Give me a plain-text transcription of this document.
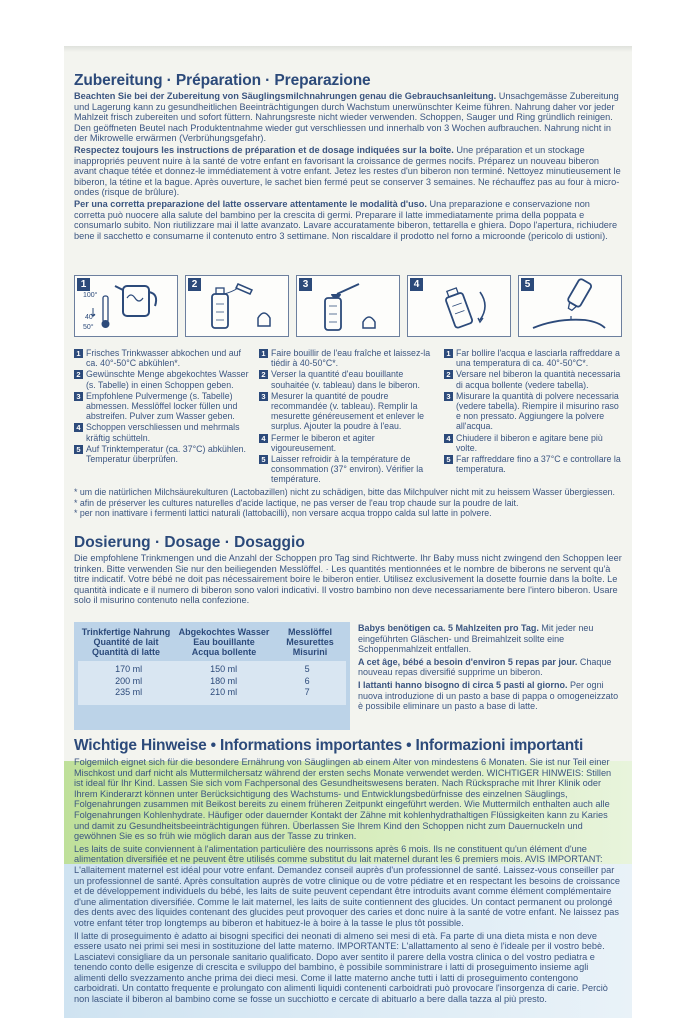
Zubereitung · Préparation · Preparazione

Beachten Sie bei der Zubereitung von Säuglingsmilchnahrungen genau die Gebrauchsanleitung. Unsachgemässe Zubereitung und Lagerung kann zu gesundheitlichen Beeinträchtigungen durch Wachstum unerwünschter Keime führen. Nahrung daher vor jeder Mahlzeit frisch zubereiten und sofort füttern. Nahrungsreste nicht wieder verwenden. Schoppen, Sauger und Ring gründlich reinigen. Den geöffneten Beutel nach Produktentnahme wieder gut verschliessen und innerhalb von 3 Wochen aufbrauchen. Nahrung nicht in der Mikrowelle erwärmen (Verbrühungsgefahr).

Respectez toujours les instructions de préparation et de dosage indiquées sur la boîte. Une préparation et un stockage inappropriés peuvent nuire à la santé de votre enfant en favorisant la croissance de germes nocifs. Préparez un nouveau biberon avant chaque tétée et donnez-le immédiatement à votre enfant. Jetez les restes d'un biberon non terminé. Nettoyez minutieusement le biberon, la tétine et la bague. Après ouverture, le sachet bien fermé peut se conserver 3 semaines. Ne réchauffez pas au four à micro-ondes (risque de brûlure).

Per una corretta preparazione del latte osservare attentamente le modalità d'uso. Una preparazione e conservazione non corretta può nuocere alla salute del bambino per la crescita di germi. Preparare il latte immediatamente prima della poppata e consumarlo subito. Non riutilizzare mai il latte avanzato. Lavare accuratamente biberon, tettarella e ghiera. Dopo l'apertura, richiudere bene il sacchetto e consumarne il contenuto entro 3 settimane. Non riscaldare il prodotto nel forno a microonde (pericolo di ustioni).

1
100°
40°
50°
2	3	4	5
1 Frisches Trinkwasser abkochen und auf ca. 40°-50°C abkühlen*.
2 Gewünschte Menge abgekochtes Wasser (s. Tabelle) in einen Schoppen geben.
3 Empfohlene Pulvermenge (s. Tabelle) abmessen. Messlöffel locker füllen und abstreifen. Pulver zum Wasser geben.
4 Schoppen verschliessen und mehrmals kräftig schütteln.
5 Auf Trinktemperatur (ca. 37°C) abkühlen. Temperatur überprüfen.
1 Faire bouillir de l'eau fraîche et laissez-la tiédir à 40-50°C*.
2 Verser la quantité d'eau bouillante souhaitée (v. tableau) dans le biberon.
3 Mesurer la quantité de poudre recommandée (v. tableau). Remplir la mesurette généreusement et enlever le surplus. Ajouter la poudre à l'eau.
4 Fermer le biberon et agiter vigoureusement.
5 Laisser refroidir à la température de consommation (37° environ). Vérifier la température.
1 Far bollire l'acqua e lasciarla raffreddare a una temperatura di ca. 40°-50°C*.
2 Versare nel biberon la quantità necessaria di acqua bollente (vedere tabella).
3 Misurare la quantità di polvere necessaria (vedere tabella). Riempire il misurino raso e non pressato. Aggiungere la polvere all'acqua.
4 Chiudere il biberon e agitare bene più volte.
5 Far raffreddare fino a 37°C e controllare la temperatura.

* um die natürlichen Milchsäurekulturen (Lactobazillen) nicht zu schädigen, bitte das Milchpulver nicht mit zu heissem Wasser übergiessen.

* afin de préserver les cultures naturelles d'acide lactique, ne pas verser de l'eau trop chaude sur la poudre de lait.

* per non inattivare i fermenti lattici naturali (lattobacilli), non versare acqua troppo calda sul latte in polvere.

Dosierung · Dosage · Dosaggio

Die empfohlene Trinkmengen und die Anzahl der Schoppen pro Tag sind Richtwerte. Ihr Baby muss nicht zwingend den Schoppen leer trinken. Bitte verwenden Sie nur den beiliegenden Messlöffel. · Les quantités mentionnées et le nombre de biberons ne servent qu'à titre indicatif. Votre bébé ne doit pas nécessairement boire le biberon entier. Utilisez exclusivement la dosette fournie dans la boîte. Le quantità indicate e il numero di biberon sono valori indicativi. Il vostro bambino non deve necessariamente bere l'intero biberon. Usare solo il misurino contenuto nella confezione.

Trinkfertige Nahrung
Quantité de lait
Quantità di latte
Abgekochtes Wasser
Eau bouillante
Acqua bollente
Messlöffel
Mesurettes
Misurini
170 ml	150 ml	5
200 ml	180 ml	6
235 ml	210 ml	7

Babys benötigen ca. 5 Mahlzeiten pro Tag. Mit jeder neu eingeführten Gläschen- und Breimahlzeit sollte eine Schoppenmahlzeit entfallen.

A cet âge, bébé a besoin d'environ 5 repas par jour. Chaque nouveau repas diversifié supprime un biberon.

I lattanti hanno bisogno di circa 5 pasti al giorno. Per ogni nuova introduzione di un pasto a base di pappa o omogeneizzato è possibile eliminare un pasto a base di latte.

Wichtige Hinweise • Informations importantes • Informazioni importanti

Folgemilch eignet sich für die besondere Ernährung von Säuglingen ab einem Alter von mindestens 6 Monaten. Sie ist nur Teil einer Mischkost und darf nicht als Muttermilchersatz während der ersten sechs Monate verwendet werden. WICHTIGER HINWEIS: Stillen ist ideal für Ihr Kind. Lassen Sie sich vom Fachpersonal des Gesundheitswesens beraten. Nach Rücksprache mit Ihrer Klinik oder Ihrem Kinderarzt können unter Berücksichtigung des Wachstums- und Entwicklungsbedürfnisse des einzelnen Säuglings, Folgenahrungen zusammen mit Beikost bereits zu einem früheren Zeitpunkt eingeführt werden. Wie Muttermilch enthalten auch alle Folgenahrungen Kohlenhydrate. Häufiger oder dauernder Kontakt der Zähne mit kohlenhydrathaltigen Flüssigkeiten kann zu Karies und damit zu Gesundheitsbeeinträchtigungen führen. Überlassen Sie Ihrem Kind den Schoppen nicht zum Dauernuckeln und gewöhnen Sie es so früh wie möglich daran aus der Tasse zu trinken.

Les laits de suite conviennent à l'alimentation particulière des nourrissons après 6 mois. Ils ne constituent qu'un élément d'une alimentation diversifiée et ne peuvent être utilisés comme substitut du lait maternel durant les 6 premiers mois. AVIS IMPORTANT: L'allaitement maternel est idéal pour votre enfant. Demandez conseil auprès d'un professionnel de santé. Laissez-vous conseiller par un professionnel de santé. Après consultation auprès de votre clinique ou de votre pédiatre et en respectant les besoins de croissance et de développement individuels du bébé, les laits de suite peuvent cependant être introduits avant comme élément complémentaire d'une alimentation diversifiée. Comme le lait maternel, les laits de suite contiennent des glucides. Un contact permanent ou prolongé des dents avec des liquides contenant des glucides peut provoquer des caries et donc nuire à la santé de votre enfant. Ne laissez pas votre enfant téter trop longtemps au biberon et habituez-le à boire à la tasse le plus tôt possible.

Il latte di proseguimento è adatto ai bisogni specifici dei neonati di almeno sei mesi di età. Fa parte di una dieta mista e non deve essere usato nei primi sei mesi in sostituzione del latte materno. IMPORTANTE: L'allattamento al seno è l'ideale per il vostro bebè. Lasciatevi consigliare da un personale sanitario qualificato. Dopo aver sentito il parere della vostra clinica o del vostro pediatra e tenendo conto delle esigenze di crescita e sviluppo del bambino, è possibile somministrare i latti di proseguimento insieme agli alimenti dello svezzamento anche prima dei dieci mesi. Come il latte materno anche tutti i latti di proseguimento contengono carboidrati. Un contatto frequente e prolungato con alimenti liquidi contenenti carboidrati può provocare l'insorgenza di carie. Perciò non lasciate il biberon al bambino come se fosse un succhiotto e cercate di abituarlo a bere dalla tazza al più presto.
